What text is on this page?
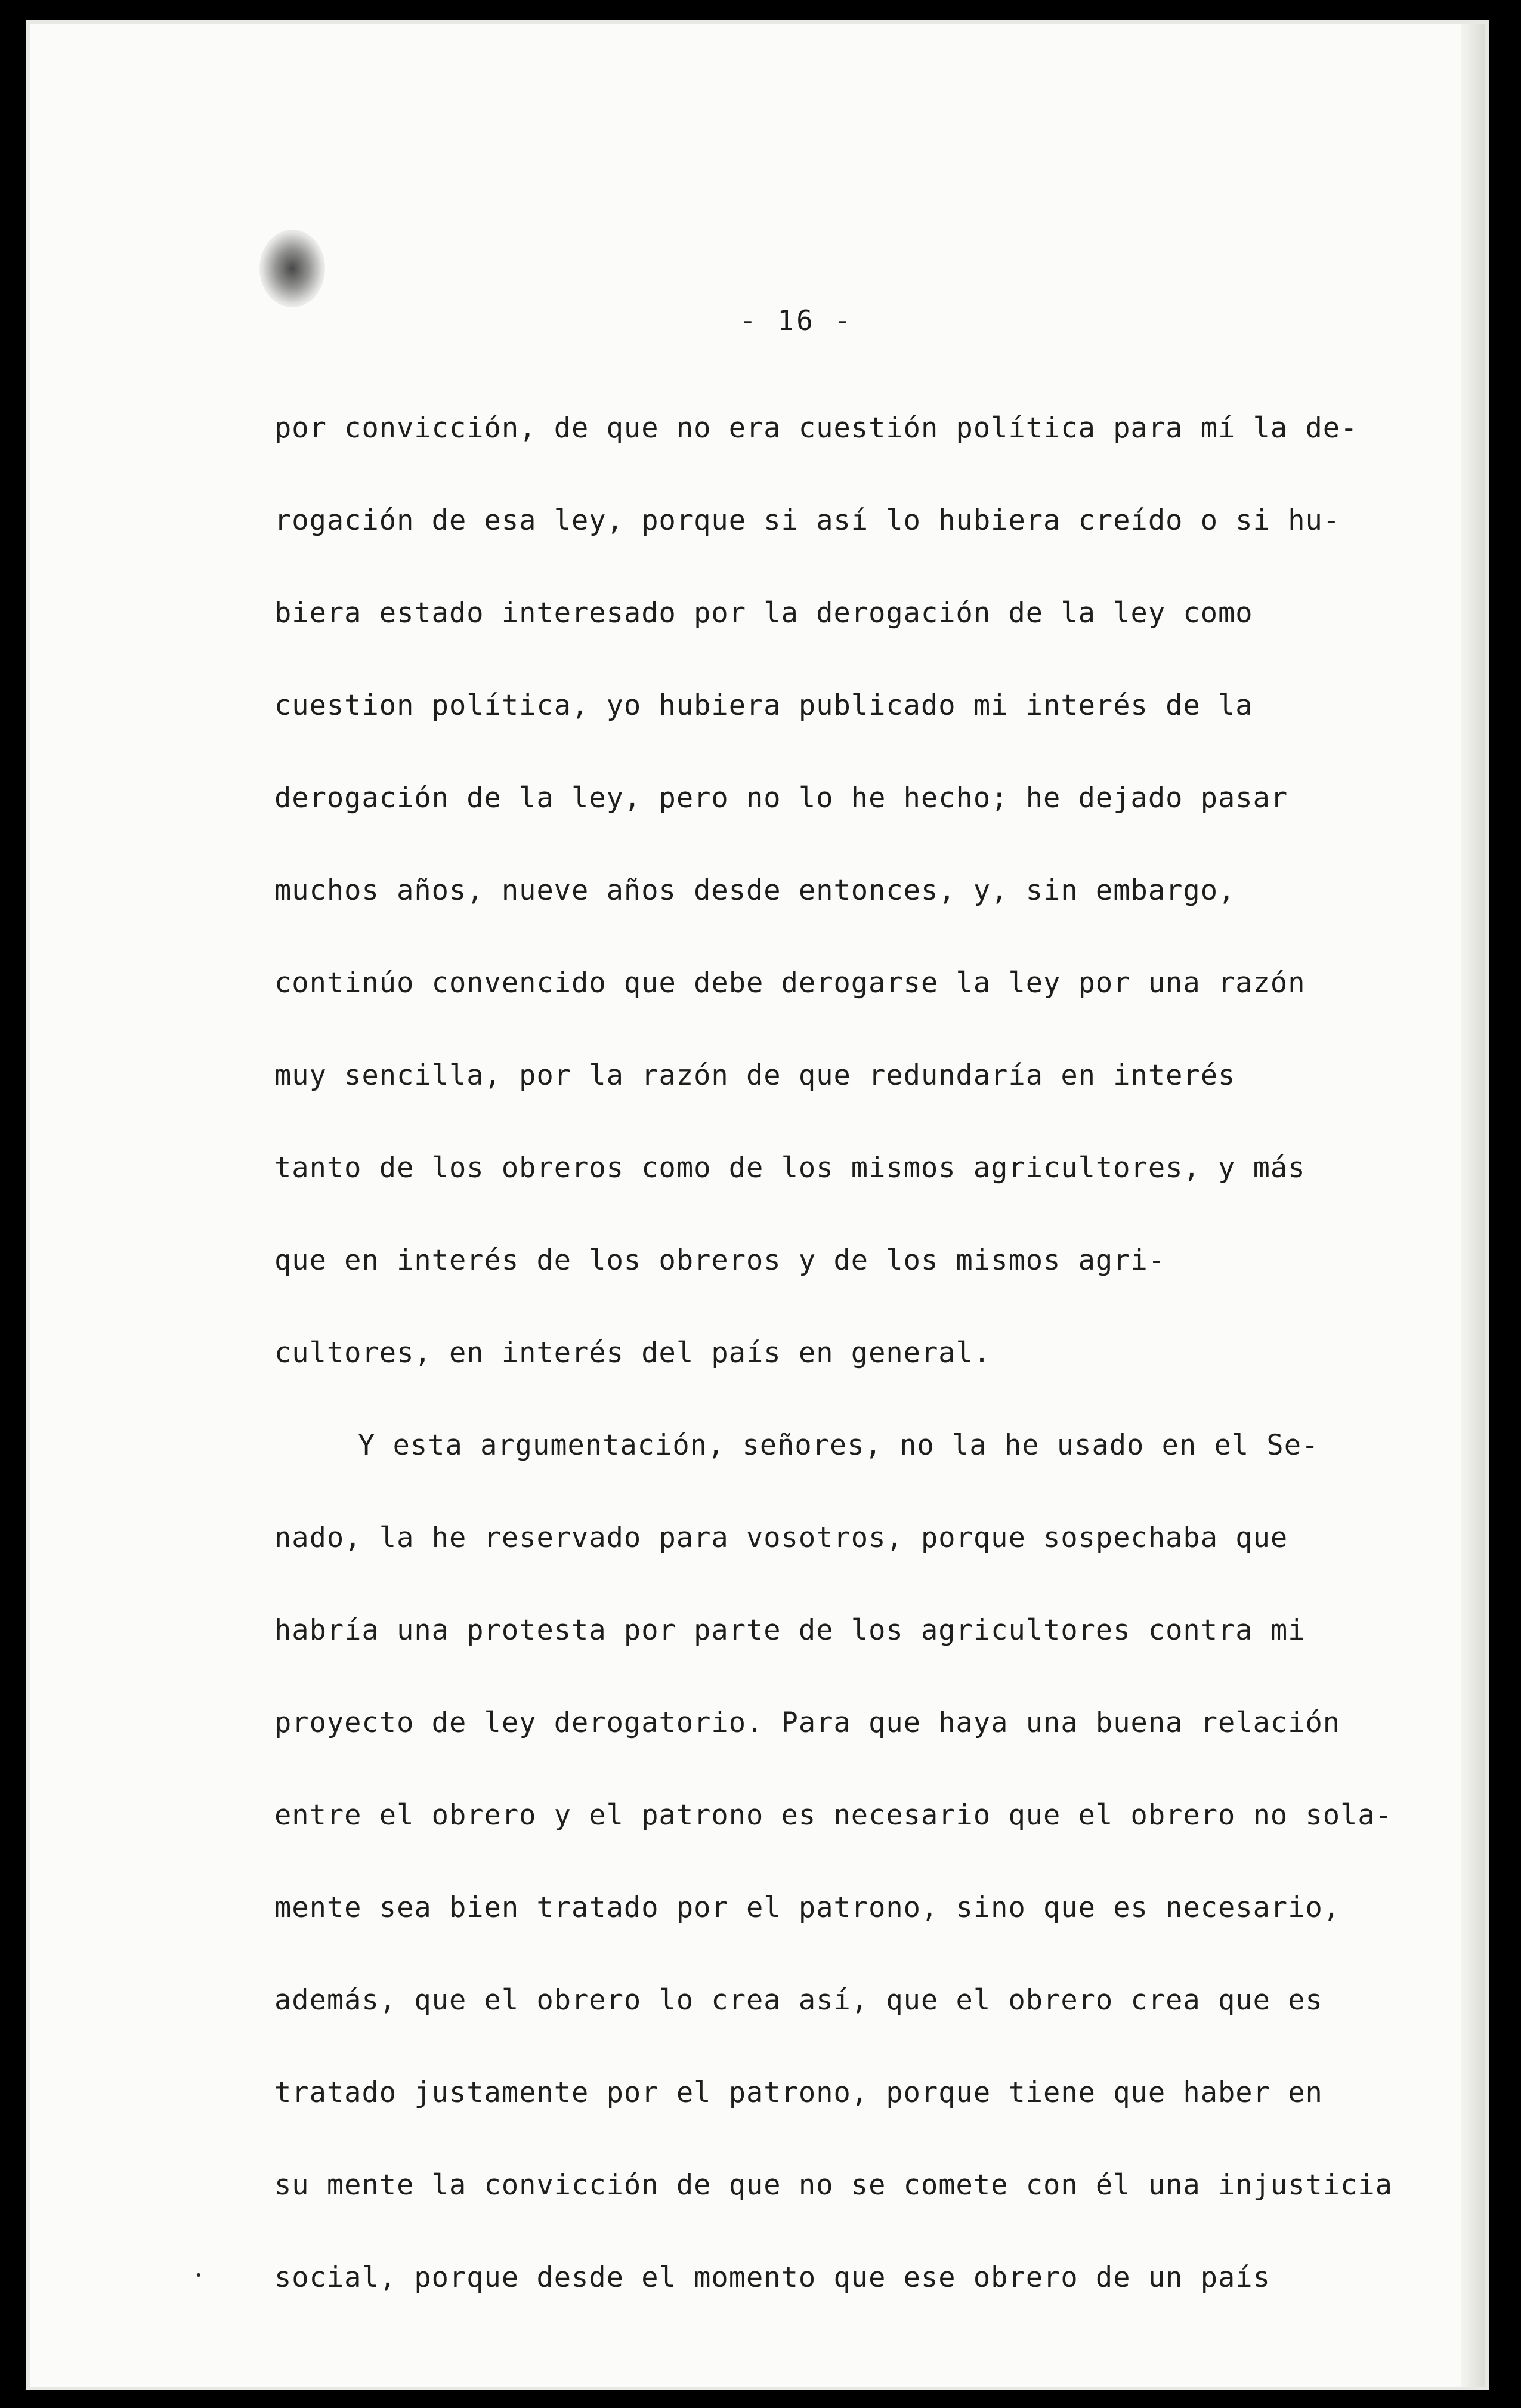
- 16 -
por convicción, de que no era cuestión política para mí la de-
rogación de esa ley, porque si así lo hubiera creído o si hu-
biera estado interesado por la derogación de la ley como
cuestion política, yo hubiera publicado mi interés de la
derogación de la ley, pero no lo he hecho; he dejado pasar
muchos años, nueve años desde entonces, y, sin embargo,
continúo convencido que debe derogarse la ley por una razón
muy sencilla, por la razón de que redundaría en interés
tanto de los obreros como de los mismos agricultores, y más
que en interés de los obreros y de los mismos agri-
cultores, en interés del país en general.
Y esta argumentación, señores, no la he usado en el Se-
nado, la he reservado para vosotros, porque sospechaba que
habría una protesta por parte de los agricultores contra mi
proyecto de ley derogatorio. Para que haya una buena relación
entre el obrero y el patrono es necesario que el obrero no sola-
mente sea bien tratado por el patrono, sino que es necesario,
además, que el obrero lo crea así, que el obrero crea que es
tratado justamente por el patrono, porque tiene que haber en
su mente la convicción de que no se comete con él una injusticia
social, porque desde el momento que ese obrero de un país
